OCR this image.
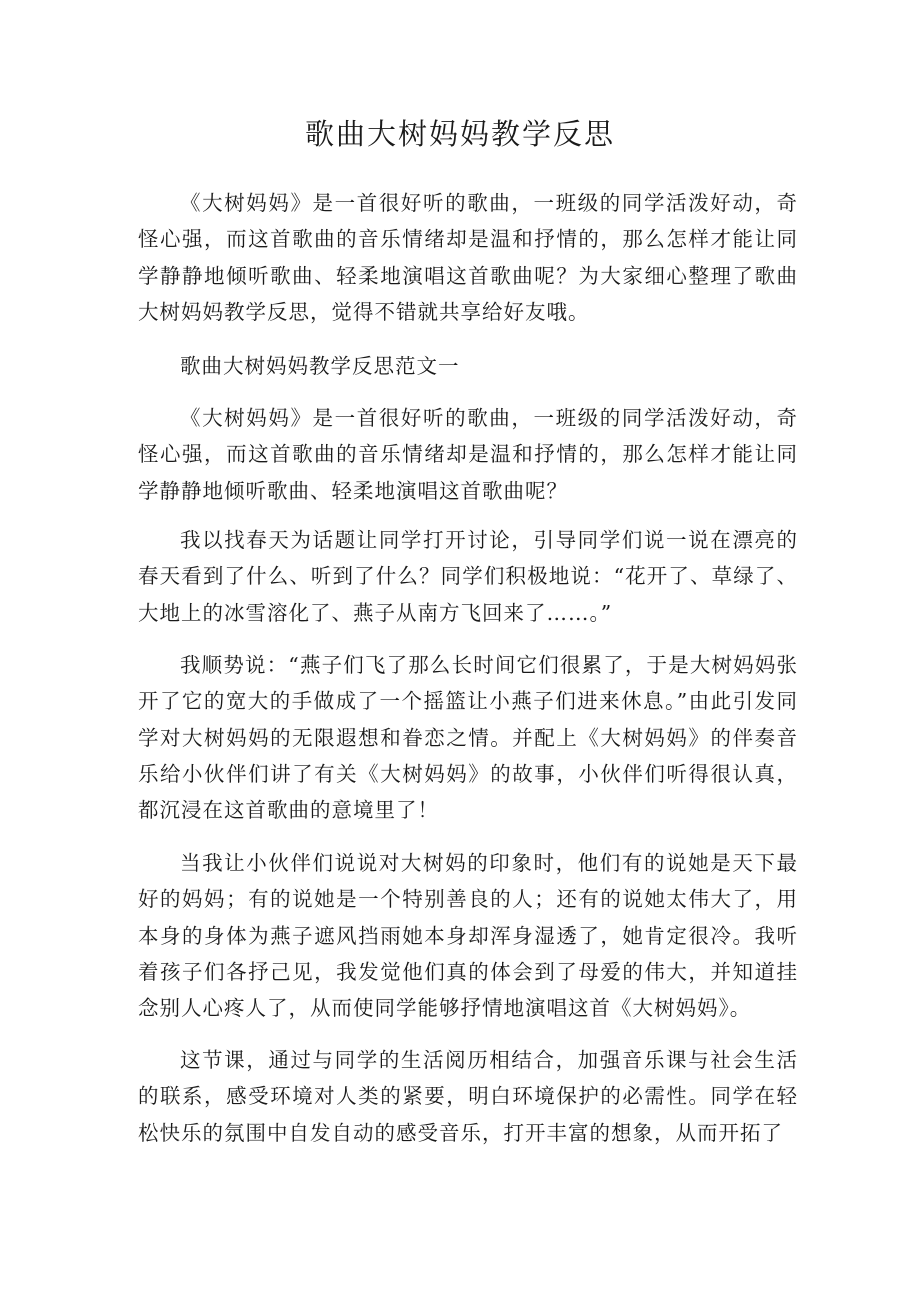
歌曲大树妈妈教学反思

《大树妈妈》是一首很好听的歌曲，一班级的同学活泼好动，奇怪心强，而这首歌曲的音乐情绪却是温和抒情的，那么怎样才能让同学静静地倾听歌曲、轻柔地演唱这首歌曲呢？为大家细心整理了歌曲大树妈妈教学反思，觉得不错就共享给好友哦。

歌曲大树妈妈教学反思范文一

《大树妈妈》是一首很好听的歌曲，一班级的同学活泼好动，奇怪心强，而这首歌曲的音乐情绪却是温和抒情的，那么怎样才能让同学静静地倾听歌曲、轻柔地演唱这首歌曲呢？

我以找春天为话题让同学打开讨论，引导同学们说一说在漂亮的春天看到了什么、听到了什么？同学们积极地说：“花开了、草绿了、大地上的冰雪溶化了、燕子从南方飞回来了……。”

我顺势说：“燕子们飞了那么长时间它们很累了，于是大树妈妈张开了它的宽大的手做成了一个摇篮让小燕子们进来休息。”由此引发同学对大树妈妈的无限遐想和眷恋之情。并配上《大树妈妈》的伴奏音乐给小伙伴们讲了有关《大树妈妈》的故事，小伙伴们听得很认真，都沉浸在这首歌曲的意境里了！

当我让小伙伴们说说对大树妈的印象时，他们有的说她是天下最好的妈妈；有的说她是一个特别善良的人；还有的说她太伟大了，用本身的身体为燕子遮风挡雨她本身却浑身湿透了，她肯定很冷。我听着孩子们各抒己见，我发觉他们真的体会到了母爱的伟大，并知道挂念别人心疼人了，从而使同学能够抒情地演唱这首《大树妈妈》。

这节课，通过与同学的生活阅历相结合，加强音乐课与社会生活的联系，感受环境对人类的紧要，明白环境保护的必需性。同学在轻松快乐的氛围中自发自动的感受音乐，打开丰富的想象，从而开拓了
